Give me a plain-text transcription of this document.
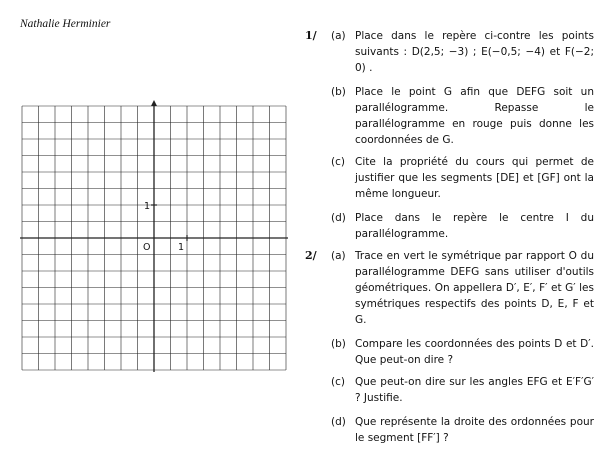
Nathalie Herminier
O	1
1
1/ (a) Place dans le repère ci-contre les points suivants : D(2,5; −3) ; E(−0,5; −4) et F(−2; 0) .
(b) Place le point G afin que DEFG soit un parallélogramme. Repasse le parallélogramme en rouge puis donne les coordonnées de G.
(c) Cite la propriété du cours qui permet de justifier que les segments [DE] et [GF] ont la même longueur.
(d) Place dans le repère le centre I du parallélogramme.
2/ (a) Trace en vert le symétrique par rapport O du parallélogramme DEFG sans utiliser d'outils géométriques. On appellera D′, E′, F′ et G′ les symétriques respectifs des points D, E, F et G.
(b) Compare les coordonnées des points D et D′. Que peut-on dire ?
(c) Que peut-on dire sur les angles EFG et E′F′G′ ? Justifie.
(d) Que représente la droite des ordonnées pour le segment [FF′] ?
